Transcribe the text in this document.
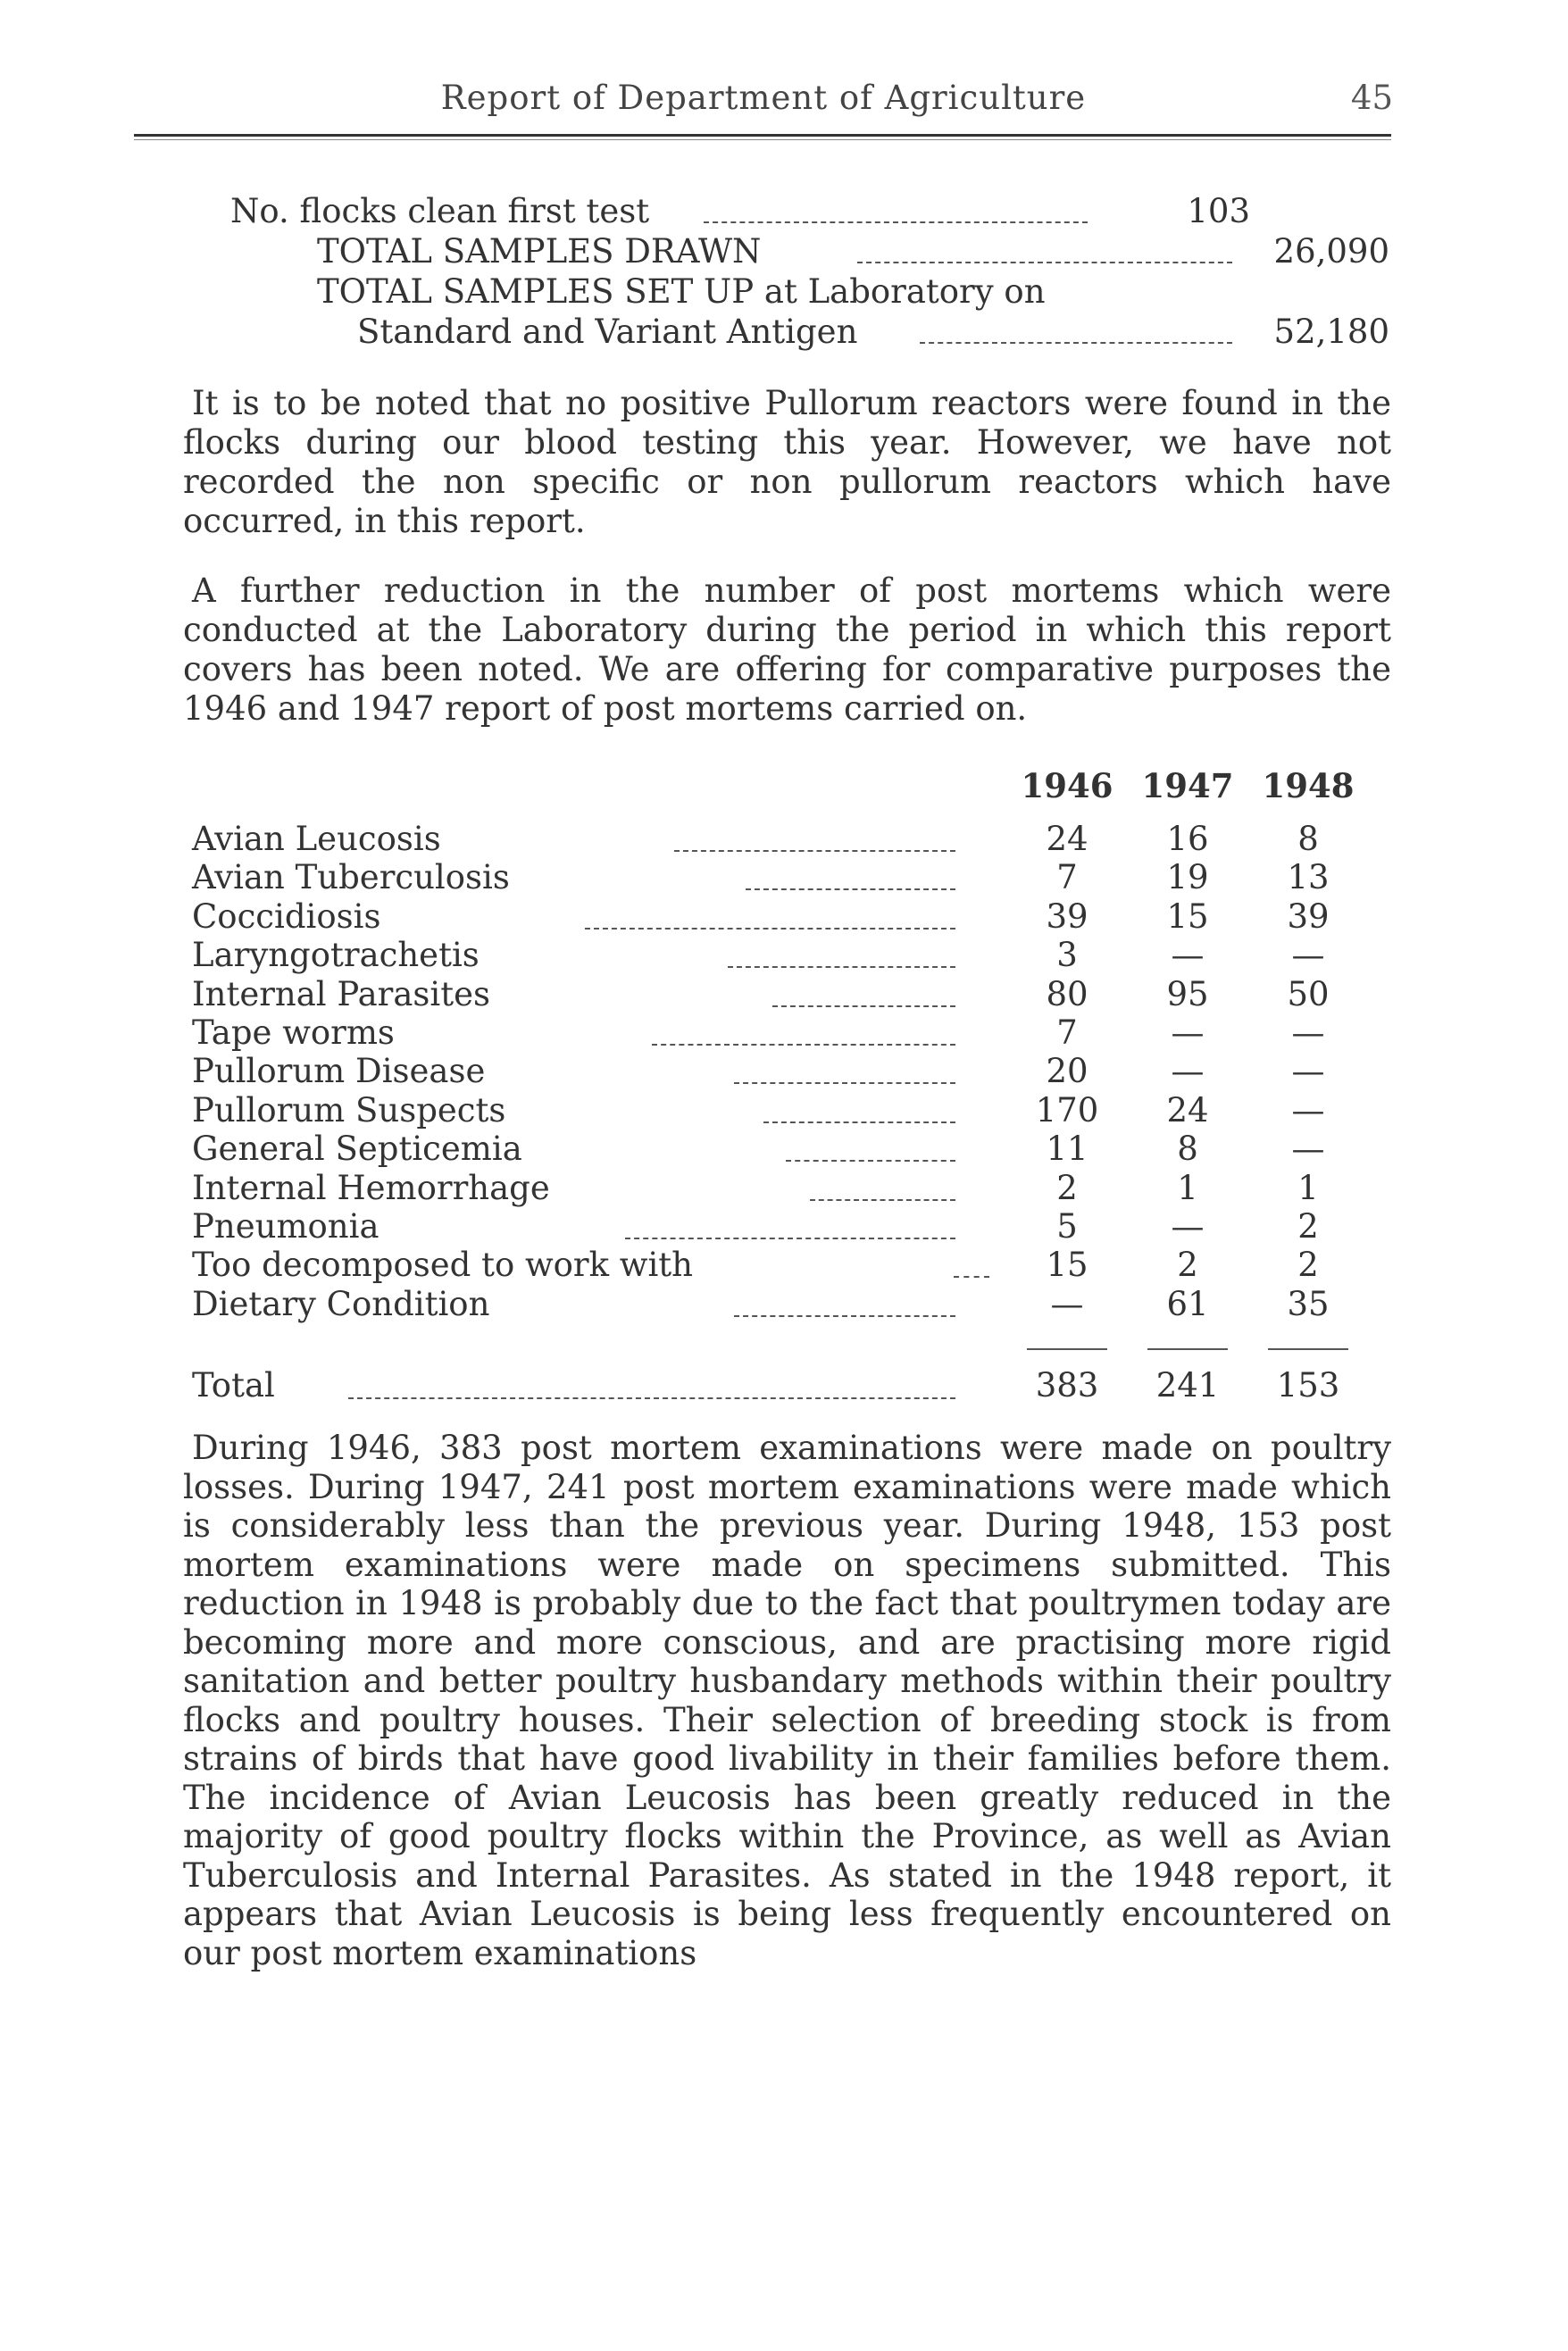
Report of Department of Agriculture	45
No. flocks clean first test	103
TOTAL SAMPLES DRAWN	26,090
TOTAL SAMPLES SET UP at Laboratory on
Standard and Variant Antigen	52,180
It is to be noted that no positive Pullorum reactors were found in the flocks during our blood testing this year. However, we have not recorded the non specific or non pullorum reactors which have occurred, in this report.
A further reduction in the number of post mortems which were conducted at the Laboratory during the period in which this report covers has been noted. We are offering for comparative purposes the 1946 and 1947 report of post mortems carried on.
1946 1947 1948
Avian Leucosis	24	16	8
Avian Tuberculosis	7	19	13
Coccidiosis	39	15	39
Laryngotrachetis	3	—	—
Internal Parasites	80	95	50
Tape worms	7	—	—
Pullorum Disease	20	—	—
Pullorum Suspects	170	24	—
General Septicemia	11	8	—
Internal Hemorrhage	2	1	1
Pneumonia	5	—	2
Too decomposed to work with	15	2	2
Dietary Condition	—	61	35
Total	383	241	153
During 1946, 383 post mortem examinations were made on poultry losses. During 1947, 241 post mortem examinations were made which is considerably less than the previous year. During 1948, 153 post mortem examinations were made on specimens submitted. This reduction in 1948 is probably due to the fact that poultrymen today are becoming more and more conscious, and are practising more rigid sanitation and better poultry husbandary methods within their poultry flocks and poultry houses. Their selection of breeding stock is from strains of birds that have good livability in their families before them. The incidence of Avian Leucosis has been greatly reduced in the majority of good poultry flocks within the Province, as well as Avian Tuberculosis and Internal Parasites. As stated in the 1948 report, it appears that Avian Leucosis is being less frequently encountered on our post mortem examinations
